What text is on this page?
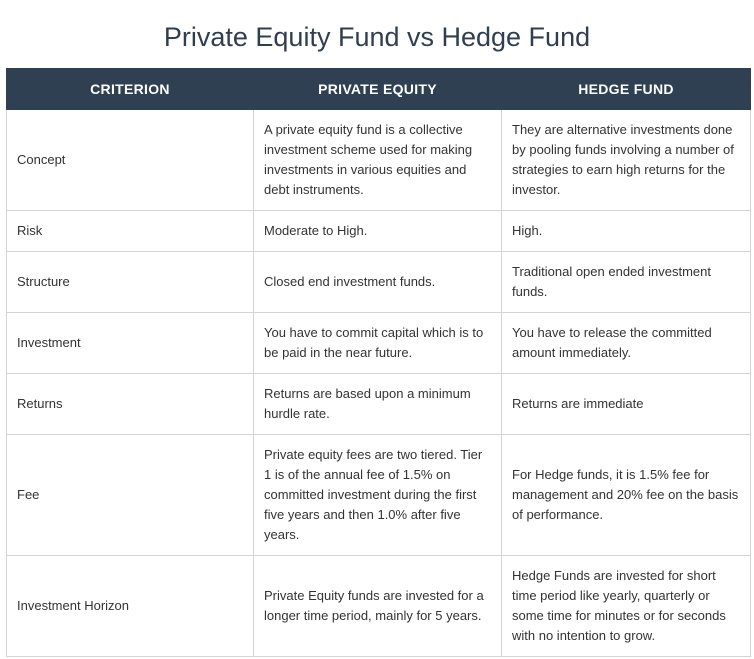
Private Equity Fund vs Hedge Fund
CRITERION	PRIVATE EQUITY	HEDGE FUND
Concept	A private equity fund is a collective investment scheme used for making investments in various equities and debt instruments.	They are alternative investments done by pooling funds involving a number of strategies to earn high returns for the investor.
Risk	Moderate to High.	High.
Structure	Closed end investment funds.	Traditional open ended investment funds.
Investment	You have to commit capital which is to be paid in the near future.	You have to release the committed amount immediately.
Returns	Returns are based upon a minimum hurdle rate.	Returns are immediate
Fee	Private equity fees are two tiered. Tier 1 is of the annual fee of 1.5% on committed investment during the first five years and then 1.0% after five years.	For Hedge funds, it is 1.5% fee for management and 20% fee on the basis of performance.
Investment Horizon	Private Equity funds are invested for a longer time period, mainly for 5 years.	Hedge Funds are invested for short time period like yearly, quarterly or some time for minutes or for seconds with no intention to grow.
